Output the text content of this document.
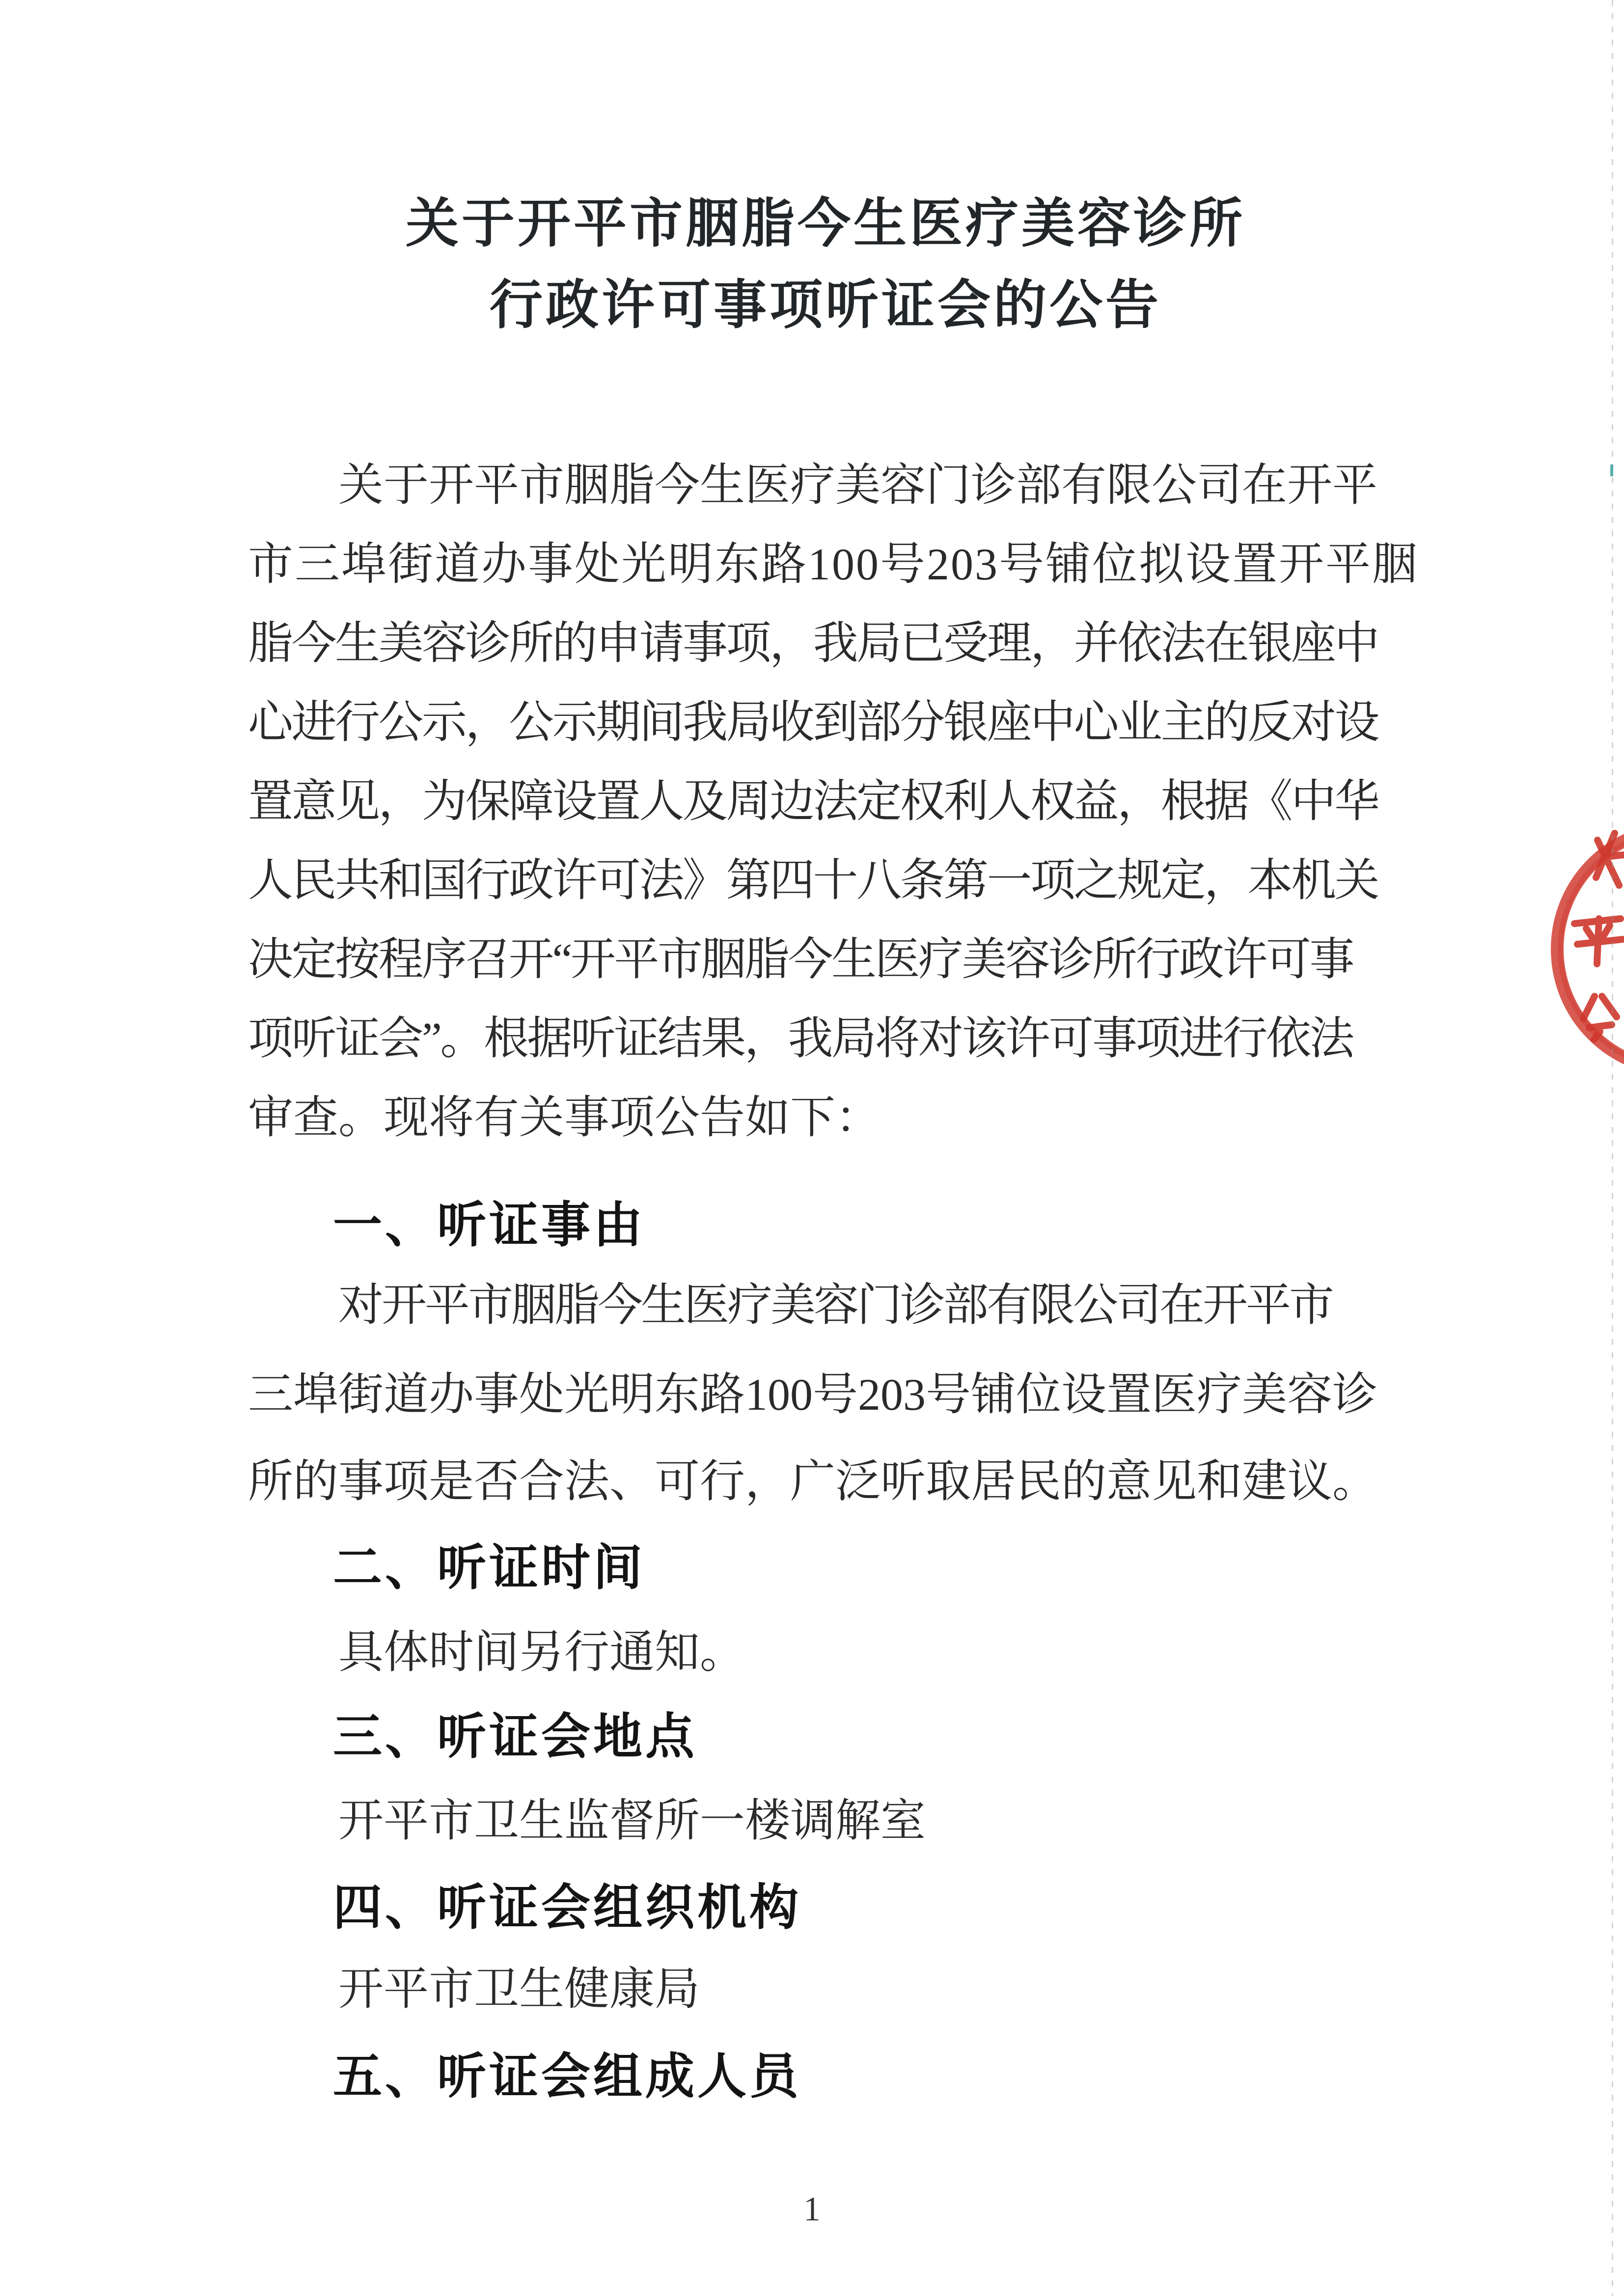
关于开平市胭脂今生医疗美容诊所
行政许可事项听证会的公告
关于开平市胭脂今生医疗美容门诊部有限公司在开平
市三埠街道办事处光明东路100号203号铺位拟设置开平胭
脂今生美容诊所的申请事项，我局已受理，并依法在银座中
心进行公示，公示期间我局收到部分银座中心业主的反对设
置意见，为保障设置人及周边法定权利人权益，根据《中华
人民共和国行政许可法》第四十八条第一项之规定，本机关
决定按程序召开“开平市胭脂今生医疗美容诊所行政许可事
项听证会”。根据听证结果，我局将对该许可事项进行依法
审查。现将有关事项公告如下：
一、听证事由
对开平市胭脂今生医疗美容门诊部有限公司在开平市
三埠街道办事处光明东路100号203号铺位设置医疗美容诊
所的事项是否合法、可行，广泛听取居民的意见和建议。
二、听证时间
具体时间另行通知。
三、听证会地点
开平市卫生监督所一楼调解室
四、听证会组织机构
开平市卫生健康局
五、听证会组成人员
1
